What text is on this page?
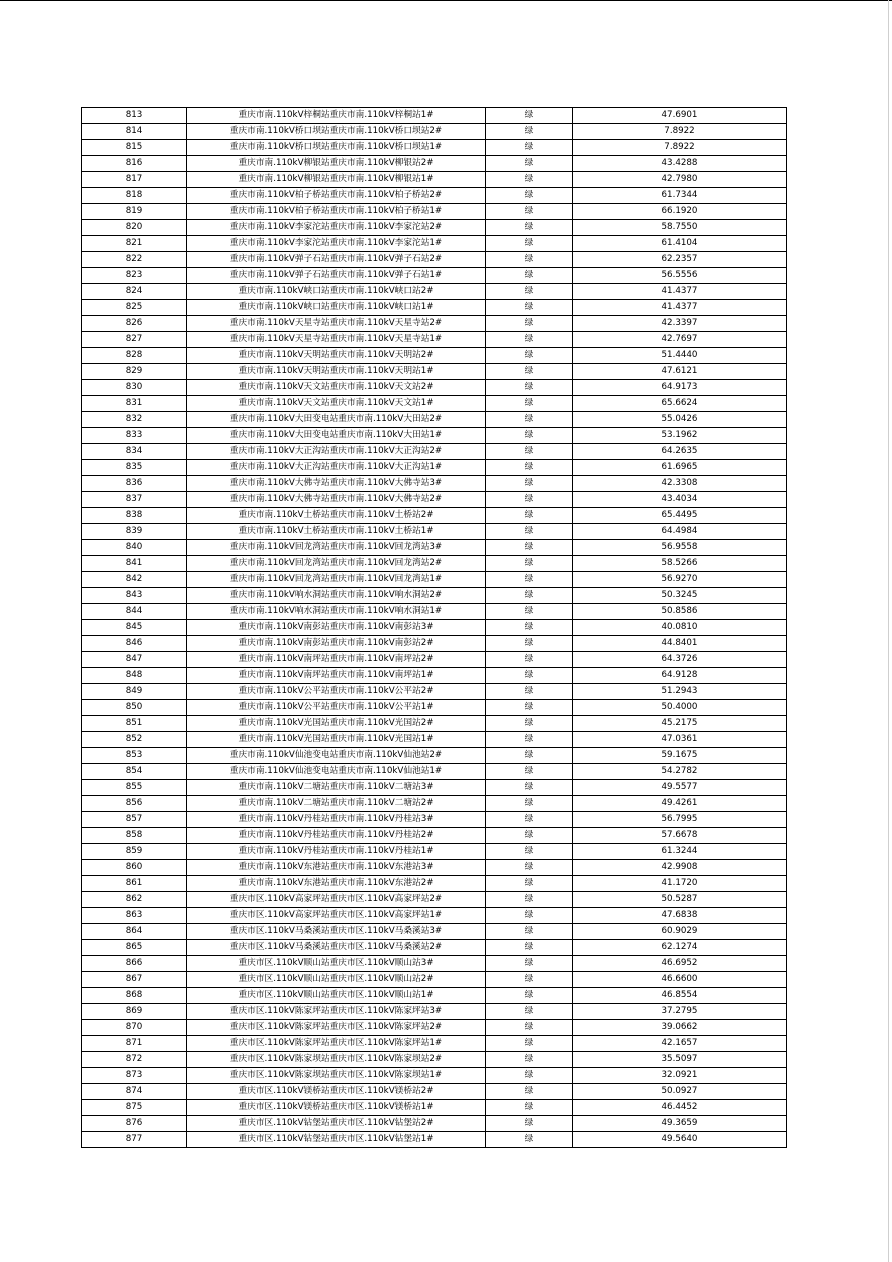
813	重庆市南.110kV梓桐站重庆市南.110kV梓桐站1#	绿	47.6901
814	重庆市南.110kV桥口坝站重庆市南.110kV桥口坝站2#	绿	7.8922
815	重庆市南.110kV桥口坝站重庆市南.110kV桥口坝站1#	绿	7.8922
816	重庆市南.110kV柳银站重庆市南.110kV柳银站2#	绿	43.4288
817	重庆市南.110kV柳银站重庆市南.110kV柳银站1#	绿	42.7980
818	重庆市南.110kV柏子桥站重庆市南.110kV柏子桥站2#	绿	61.7344
819	重庆市南.110kV柏子桥站重庆市南.110kV柏子桥站1#	绿	66.1920
820	重庆市南.110kV李家沱站重庆市南.110kV李家沱站2#	绿	58.7550
821	重庆市南.110kV李家沱站重庆市南.110kV李家沱站1#	绿	61.4104
822	重庆市南.110kV弹子石站重庆市南.110kV弹子石站2#	绿	62.2357
823	重庆市南.110kV弹子石站重庆市南.110kV弹子石站1#	绿	56.5556
824	重庆市南.110kV峡口站重庆市南.110kV峡口站2#	绿	41.4377
825	重庆市南.110kV峡口站重庆市南.110kV峡口站1#	绿	41.4377
826	重庆市南.110kV天星寺站重庆市南.110kV天星寺站2#	绿	42.3397
827	重庆市南.110kV天星寺站重庆市南.110kV天星寺站1#	绿	42.7697
828	重庆市南.110kV天明站重庆市南.110kV天明站2#	绿	51.4440
829	重庆市南.110kV天明站重庆市南.110kV天明站1#	绿	47.6121
830	重庆市南.110kV天文站重庆市南.110kV天文站2#	绿	64.9173
831	重庆市南.110kV天文站重庆市南.110kV天文站1#	绿	65.6624
832	重庆市南.110kV大田变电站重庆市南.110kV大田站2#	绿	55.0426
833	重庆市南.110kV大田变电站重庆市南.110kV大田站1#	绿	53.1962
834	重庆市南.110kV大正沟站重庆市南.110kV大正沟站2#	绿	64.2635
835	重庆市南.110kV大正沟站重庆市南.110kV大正沟站1#	绿	61.6965
836	重庆市南.110kV大佛寺站重庆市南.110kV大佛寺站3#	绿	42.3308
837	重庆市南.110kV大佛寺站重庆市南.110kV大佛寺站2#	绿	43.4034
838	重庆市南.110kV土桥站重庆市南.110kV土桥站2#	绿	65.4495
839	重庆市南.110kV土桥站重庆市南.110kV土桥站1#	绿	64.4984
840	重庆市南.110kV回龙湾站重庆市南.110kV回龙湾站3#	绿	56.9558
841	重庆市南.110kV回龙湾站重庆市南.110kV回龙湾站2#	绿	58.5266
842	重庆市南.110kV回龙湾站重庆市南.110kV回龙湾站1#	绿	56.9270
843	重庆市南.110kV响水洞站重庆市南.110kV响水洞站2#	绿	50.3245
844	重庆市南.110kV响水洞站重庆市南.110kV响水洞站1#	绿	50.8586
845	重庆市南.110kV南彭站重庆市南.110kV南彭站3#	绿	40.0810
846	重庆市南.110kV南彭站重庆市南.110kV南彭站2#	绿	44.8401
847	重庆市南.110kV南坪站重庆市南.110kV南坪站2#	绿	64.3726
848	重庆市南.110kV南坪站重庆市南.110kV南坪站1#	绿	64.9128
849	重庆市南.110kV公平站重庆市南.110kV公平站2#	绿	51.2943
850	重庆市南.110kV公平站重庆市南.110kV公平站1#	绿	50.4000
851	重庆市南.110kV光国站重庆市南.110kV光国站2#	绿	45.2175
852	重庆市南.110kV光国站重庆市南.110kV光国站1#	绿	47.0361
853	重庆市南.110kV仙池变电站重庆市南.110kV仙池站2#	绿	59.1675
854	重庆市南.110kV仙池变电站重庆市南.110kV仙池站1#	绿	54.2782
855	重庆市南.110kV二塘站重庆市南.110kV二塘站3#	绿	49.5577
856	重庆市南.110kV二塘站重庆市南.110kV二塘站2#	绿	49.4261
857	重庆市南.110kV丹桂站重庆市南.110kV丹桂站3#	绿	56.7995
858	重庆市南.110kV丹桂站重庆市南.110kV丹桂站2#	绿	57.6678
859	重庆市南.110kV丹桂站重庆市南.110kV丹桂站1#	绿	61.3244
860	重庆市南.110kV东港站重庆市南.110kV东港站3#	绿	42.9908
861	重庆市南.110kV东港站重庆市南.110kV东港站2#	绿	41.1720
862	重庆市区.110kV高家坪站重庆市区.110kV高家坪站2#	绿	50.5287
863	重庆市区.110kV高家坪站重庆市区.110kV高家坪站1#	绿	47.6838
864	重庆市区.110kV马桑溪站重庆市区.110kV马桑溪站3#	绿	60.9029
865	重庆市区.110kV马桑溪站重庆市区.110kV马桑溪站2#	绿	62.1274
866	重庆市区.110kV顺山站重庆市区.110kV顺山站3#	绿	46.6952
867	重庆市区.110kV顺山站重庆市区.110kV顺山站2#	绿	46.6600
868	重庆市区.110kV顺山站重庆市区.110kV顺山站1#	绿	46.8554
869	重庆市区.110kV陈家坪站重庆市区.110kV陈家坪站3#	绿	37.2795
870	重庆市区.110kV陈家坪站重庆市区.110kV陈家坪站2#	绿	39.0662
871	重庆市区.110kV陈家坪站重庆市区.110kV陈家坪站1#	绿	42.1657
872	重庆市区.110kV陈家坝站重庆市区.110kV陈家坝站2#	绿	35.5097
873	重庆市区.110kV陈家坝站重庆市区.110kV陈家坝站1#	绿	32.0921
874	重庆市区.110kV镁桥站重庆市区.110kV镁桥站2#	绿	50.0927
875	重庆市区.110kV镁桥站重庆市区.110kV镁桥站1#	绿	46.4452
876	重庆市区.110kV钻堡站重庆市区.110kV钻堡站2#	绿	49.3659
877	重庆市区.110kV钻堡站重庆市区.110kV钻堡站1#	绿	49.5640
